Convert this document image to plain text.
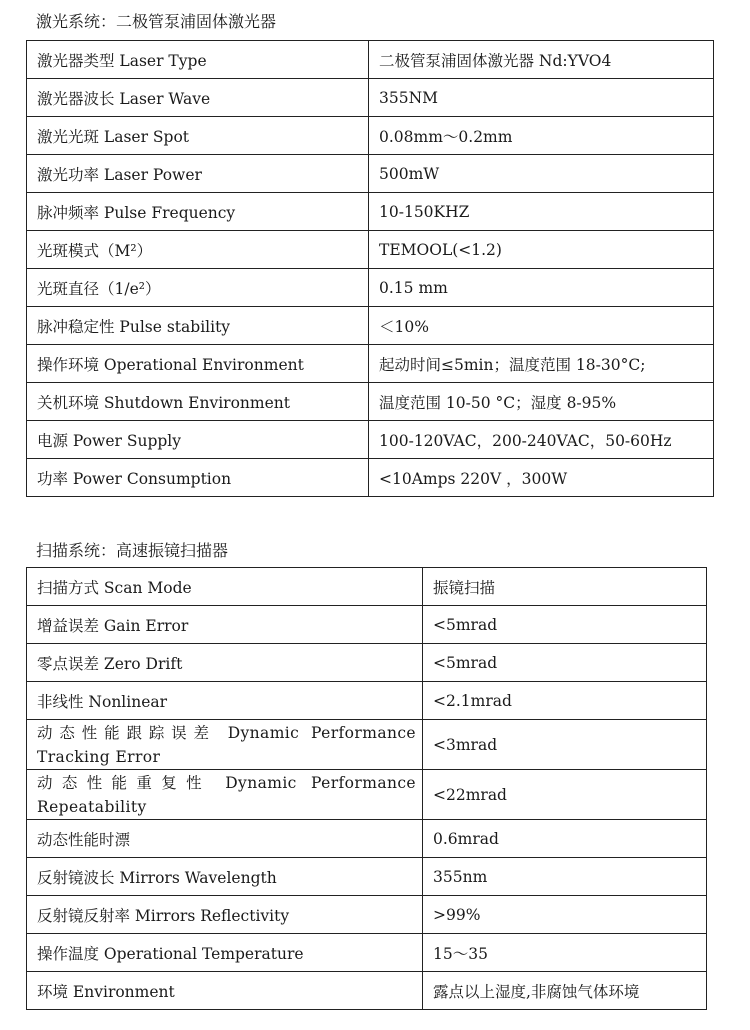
激光系统：二极管泵浦固体激光器
激光器类型 Laser Type	二极管泵浦固体激光器 Nd:YVO4
激光器波长 Laser Wave	355NM
激光光斑 Laser Spot	0.08mm～0.2mm
激光功率 Laser Power	500mW
脉冲频率 Pulse Frequency	10-150KHZ
光斑模式（M²）	TEMOOL(<1.2)
光斑直径（1/e²）	0.15 mm
脉冲稳定性 Pulse stability	＜10%
操作环境 Operational Environment	起动时间≤5min；温度范围 18-30°C;
关机环境 Shutdown Environment	温度范围 10-50 °C；湿度 8-95%
电源 Power Supply	100-120VAC，200-240VAC，50-60Hz
功率 Power Consumption	<10Amps 220V ，300W
扫描系统：高速振镜扫描器
扫描方式 Scan Mode	振镜扫描
增益误差 Gain Error	<5mrad
零点误差 Zero Drift	<5mrad
非线性 Nonlinear	<2.1mrad
动态性能跟踪误差 Dynamic Performance Tracking Error	<3mrad
动态性能重复性 Dynamic Performance Repeatability	<22mrad
动态性能时漂	0.6mrad
反射镜波长 Mirrors Wavelength	355nm
反射镜反射率 Mirrors Reflectivity	>99%
操作温度 Operational Temperature	15～35
环境 Environment	露点以上湿度,非腐蚀气体环境
